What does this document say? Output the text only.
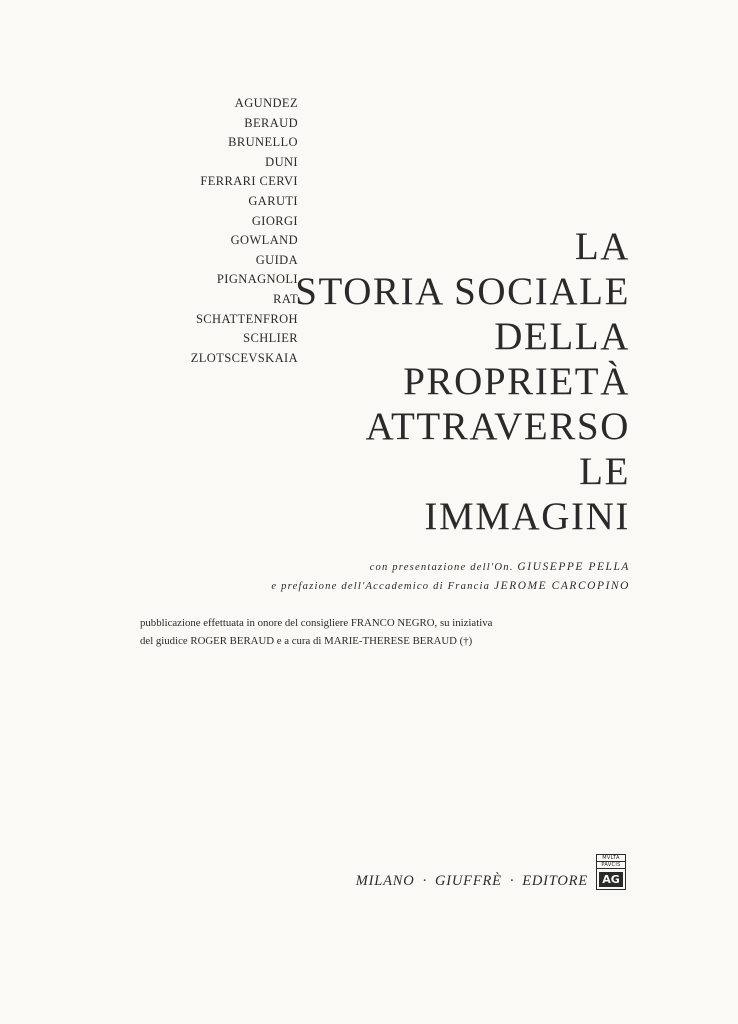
AGUNDEZ
BERAUD
BRUNELLO
DUNI
FERRARI CERVI
GARUTI
GIORGI
GOWLAND
GUIDA
PIGNAGNOLI
RAT
SCHATTENFROH
SCHLIER
ZLOTSCEVSKAIA
LA
STORIA SOCIALE
DELLA
PROPRIETÀ
ATTRAVERSO
LE
IMMAGINI
con presentazione dell'On. GIUSEPPE PELLA
e prefazione dell'Accademico di Francia JEROME CARCOPINO
pubblicazione effettuata in onore del consigliere FRANCO NEGRO, su iniziativa
del giudice ROGER BERAUD e a cura di MARIE-THERESE BERAUD (†)
MILANO · GIUFFRÈ · EDITORE
MVLTA
PAVCIS
AG
